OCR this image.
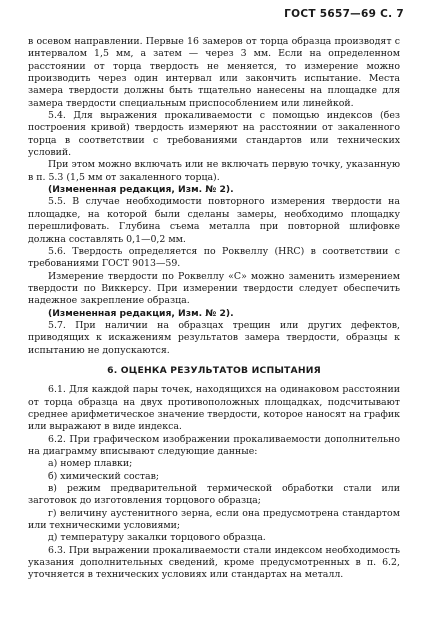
ГОСТ 5657—69 С. 7

в осевом направлении. Первые 16 замеров от торца образца производят с интервалом 1,5 мм, а затем — через 3 мм. Если на определенном расстоянии от торца твердость не меняется, то измерение можно производить через один интервал или закончить испытание. Места замера твердости должны быть тщательно нанесены на площадке для замера твердости специальным приспособлением или линейкой.

5.4. Для выражения прокаливаемости с помощью индексов (без построения кривой) твердость измеряют на расстоянии от закаленного торца в соответствии с требованиями стандартов или технических условий.

При этом можно включать или не включать первую точку, указанную в п. 5.3 (1,5 мм от закаленного торца).

(Измененная редакция, Изм. № 2).

5.5. В случае необходимости повторного измерения твердости на площадке, на которой были сделаны замеры, необходимо площадку перешлифовать. Глубина съема металла при повторной шлифовке должна составлять 0,1—0,2 мм.

5.6. Твердость определяется по Роквеллу (HRC) в соответствии с требованиями ГОСТ 9013—59.

Измерение твердости по Роквеллу «С» можно заменить измерением твердости по Виккерсу. При измерении твердости следует обеспечить надежное закрепление образца.

(Измененная редакция, Изм. № 2).

5.7. При наличии на образцах трещин или других дефектов, приводящих к искажениям результатов замера твердости, образцы к испытанию не допускаются.

6. ОЦЕНКА РЕЗУЛЬТАТОВ ИСПЫТАНИЯ

6.1. Для каждой пары точек, находящихся на одинаковом расстоянии от торца образца на двух противоположных площадках, подсчитывают среднее арифметическое значение твердости, которое наносят на график или выражают в виде индекса.

6.2. При графическом изображении прокаливаемости дополнительно на диаграмму вписывают следующие данные:

а) номер плавки;

б) химический состав;

в) режим предварительной термической обработки стали или заготовок до изготовления торцового образца;

г) величину аустенитного зерна, если она предусмотрена стандартом или техническими условиями;

д) температуру закалки торцового образца.

6.3. При выражении прокаливаемости стали индексом необходимость указания дополнительных сведений, кроме предусмотренных в п. 6.2, уточняется в технических условиях или стандартах на металл.
